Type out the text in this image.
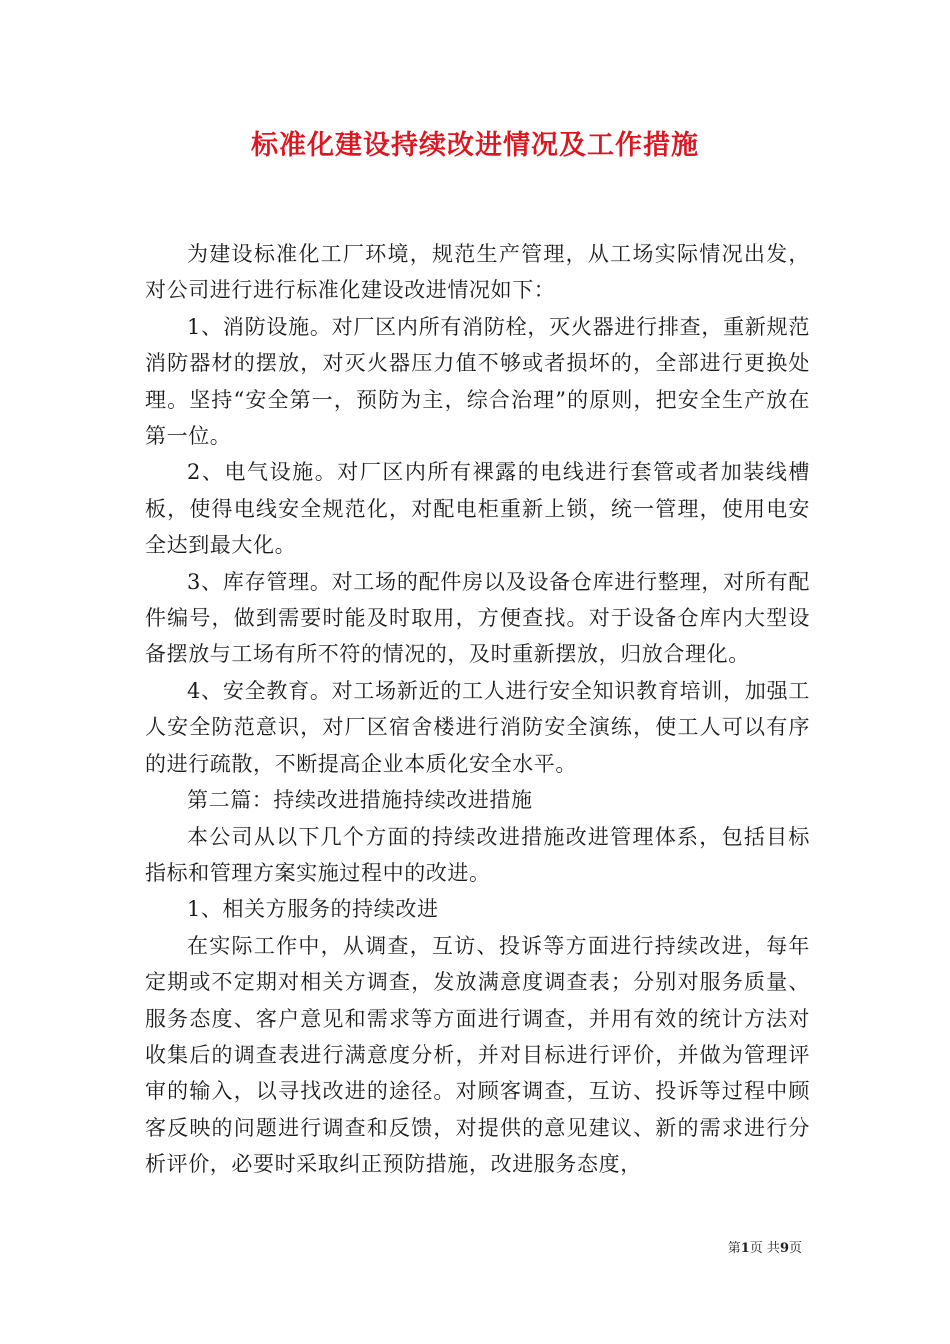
标准化建设持续改进情况及工作措施

为建设标准化工厂环境，规范生产管理，从工场实际情况出发，对公司进行进行标准化建设改进情况如下：

1、消防设施。对厂区内所有消防栓，灭火器进行排查，重新规范消防器材的摆放，对灭火器压力值不够或者损坏的，全部进行更换处理。坚持“安全第一，预防为主，综合治理”的原则，把安全生产放在第一位。

2、电气设施。对厂区内所有裸露的电线进行套管或者加装线槽板，使得电线安全规范化，对配电柜重新上锁，统一管理，使用电安全达到最大化。

3、库存管理。对工场的配件房以及设备仓库进行整理，对所有配件编号，做到需要时能及时取用，方便查找。对于设备仓库内大型设备摆放与工场有所不符的情况的，及时重新摆放，归放合理化。

4、安全教育。对工场新近的工人进行安全知识教育培训，加强工人安全防范意识，对厂区宿舍楼进行消防安全演练，使工人可以有序的进行疏散，不断提高企业本质化安全水平。

第二篇：持续改进措施持续改进措施

本公司从以下几个方面的持续改进措施改进管理体系，包括目标指标和管理方案实施过程中的改进。

1、相关方服务的持续改进

在实际工作中，从调查，互访、投诉等方面进行持续改进，每年定期或不定期对相关方调查，发放满意度调查表；分别对服务质量、服务态度、客户意见和需求等方面进行调查，并用有效的统计方法对收集后的调查表进行满意度分析，并对目标进行评价，并做为管理评审的输入，以寻找改进的途径。对顾客调查，互访、投诉等过程中顾客反映的问题进行调查和反馈，对提供的意见建议、新的需求进行分析评价，必要时采取纠正预防措施，改进服务态度，

第1页 共9页
